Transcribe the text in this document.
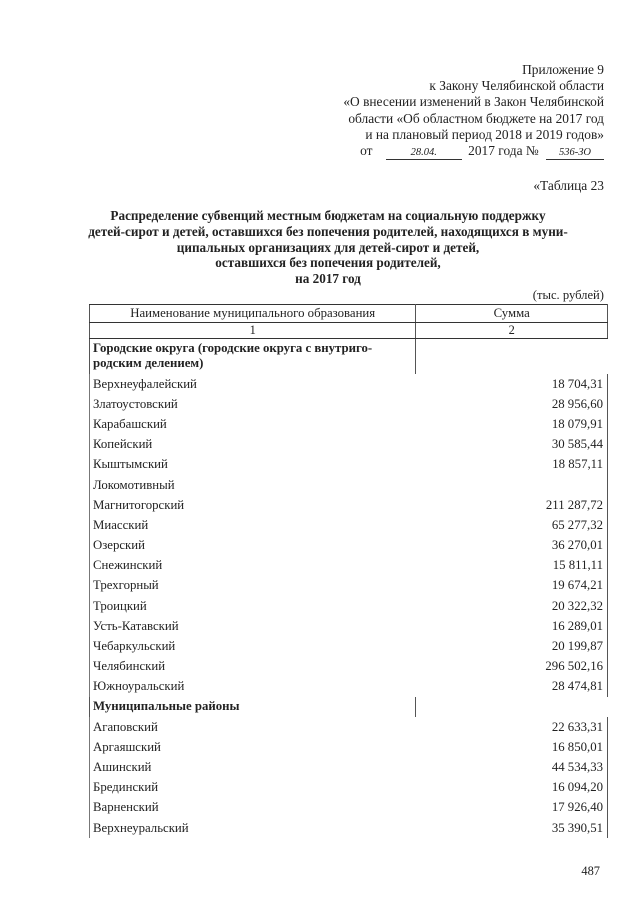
Приложение 9
к Закону Челябинской области
«О внесении изменений в Закон Челябинской
области «Об областном бюджете на 2017 год
и на плановый период 2018 и 2019 годов»
от	28.04. 2017 года № 536-ЗО
«Таблица 23
Распределение субвенций местным бюджетам на социальную поддержку
детей-сирот и детей, оставшихся без попечения родителей, находящихся в муни-
ципальных организациях для детей-сирот и детей,
оставшихся без попечения родителей,
на 2017 год
(тыс. рублей)
Наименование муниципального образования	Сумма
1	2
Городские округа (городские округа с внутриго-
родским делением)	
Верхнеуфалейский	18 704,31
Златоустовский	28 956,60
Карабашский	18 079,91
Копейский	30 585,44
Кыштымский	18 857,11
Локомотивный	
Магнитогорский	211 287,72
Миасский	65 277,32
Озерский	36 270,01
Снежинский	15 811,11
Трехгорный	19 674,21
Троицкий	20 322,32
Усть-Катавский	16 289,01
Чебаркульский	20 199,87
Челябинский	296 502,16
Южноуральский	28 474,81
Муниципальные районы	
Агаповский	22 633,31
Аргаяшский	16 850,01
Ашинский	44 534,33
Брединский	16 094,20
Варненский	17 926,40
Верхнеуральский	35 390,51
487
